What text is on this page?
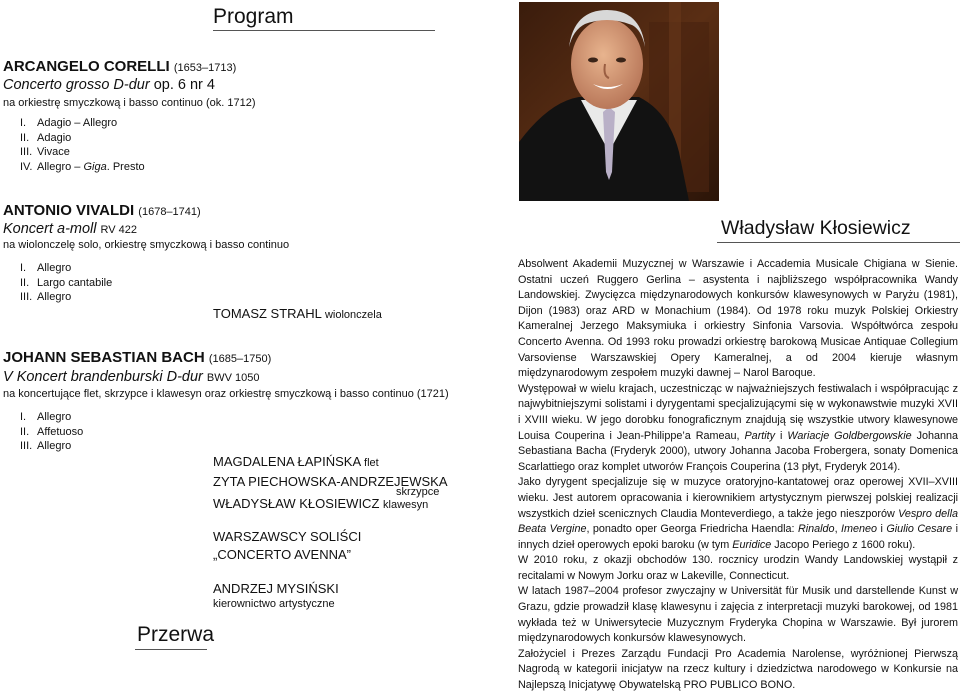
Program
ARCANGELO CORELLI (1653–1713)
Concerto grosso D-dur op. 6 nr 4
na orkiestrę smyczkową i basso continuo (ok. 1712)
I. Adagio – Allegro
II. Adagio
III. Vivace
IV. Allegro – Giga. Presto
ANTONIO VIVALDI (1678–1741)
Koncert a-moll RV 422
na wiolonczelę solo, orkiestrę smyczkową i basso continuo
I. Allegro
II. Largo cantabile
III. Allegro
TOMASZ STRAHL wiolonczela
JOHANN SEBASTIAN BACH (1685–1750)
V Koncert brandenburski D-dur BWV 1050
na koncertujące flet, skrzypce i klawesyn oraz orkiestrę smyczkową i basso continuo (1721)
I. Allegro
II. Affetuoso
III. Allegro
MAGDALENA ŁAPIŃSKA flet
ZYTA PIECHOWSKA-ANDRZEJEWSKA
skrzypce
WŁADYSŁAW KŁOSIEWICZ klawesyn
WARSZAWSCY SOLIŚCI
„CONCERTO AVENNA”
ANDRZEJ MYSIŃSKI
kierownictwo artystyczne
Przerwa
Władysław Kłosiewicz

Absolwent Akademii Muzycznej w Warszawie i Accademia Musicale Chigiana w Sienie. Ostatni uczeń Ruggero Gerlina – asystenta i najbliższego współpracownika Wandy Landowskiej. Zwycięzca międzynarodowych konkursów klawesynowych w Paryżu (1981), Dijon (1983) oraz ARD w Monachium (1984). Od 1978 roku muzyk Polskiej Orkiestry Kameralnej Jerzego Maksymiuka i orkiestry Sinfonia Varsovia. Współtwórca zespołu Concerto Avenna. Od 1993 roku prowadzi orkiestrę barokową Musicae Antiquae Collegium Varsoviense Warszawskiej Opery Kameralnej, a od 2004 kieruje własnym międzynarodowym zespołem muzyki dawnej – Narol Baroque.

Występował w wielu krajach, uczestnicząc w najważniejszych festiwalach i współpracując z najwybitniejszymi solistami i dyrygentami specjalizującymi się w wykonawstwie muzyki XVII i XVIII wieku. W jego dorobku fonograficznym znajdują się wszystkie utwory klawesynowe Louisa Couperina i Jean-Philippe’a Rameau, Partity i Wariacje Goldbergowskie Johanna Sebastiana Bacha (Fryderyk 2000), utwory Johanna Jacoba Frobergera, sonaty Domenica Scarlattiego oraz komplet utworów François Couperina (13 płyt, Fryderyk 2014).

Jako dyrygent specjalizuje się w muzyce oratoryjno-kantatowej oraz operowej XVII–XVIII wieku. Jest autorem opracowania i kierownikiem artystycznym pierwszej polskiej realizacji wszystkich dzieł scenicznych Claudia Monteverdiego, a także jego nieszporów Vespro della Beata Vergine, ponadto oper Georga Friedricha Haendla: Rinaldo, Imeneo i Giulio Cesare i innych dzieł operowych epoki baroku (w tym Euridice Jacopo Periego z 1600 roku).

W 2010 roku, z okazji obchodów 130. rocznicy urodzin Wandy Landowskiej wystąpił z recitalami w Nowym Jorku oraz w Lakeville, Connecticut.

W latach 1987–2004 profesor zwyczajny w Universität für Musik und darstellende Kunst w Grazu, gdzie prowadził klasę klawesynu i zajęcia z interpretacji muzyki barokowej, od 1981 wykłada też w Uniwersytecie Muzycznym Fryderyka Chopina w Warszawie. Był jurorem międzynarodowych konkursów klawesynowych.

Założyciel i Prezes Zarządu Fundacji Pro Academia Narolense, wyróżnionej Pierwszą Nagrodą w kategorii inicjatyw na rzecz kultury i dziedzictwa narodowego w Konkursie na Najlepszą Inicjatywę Obywatelską PRO PUBLICO BONO.
